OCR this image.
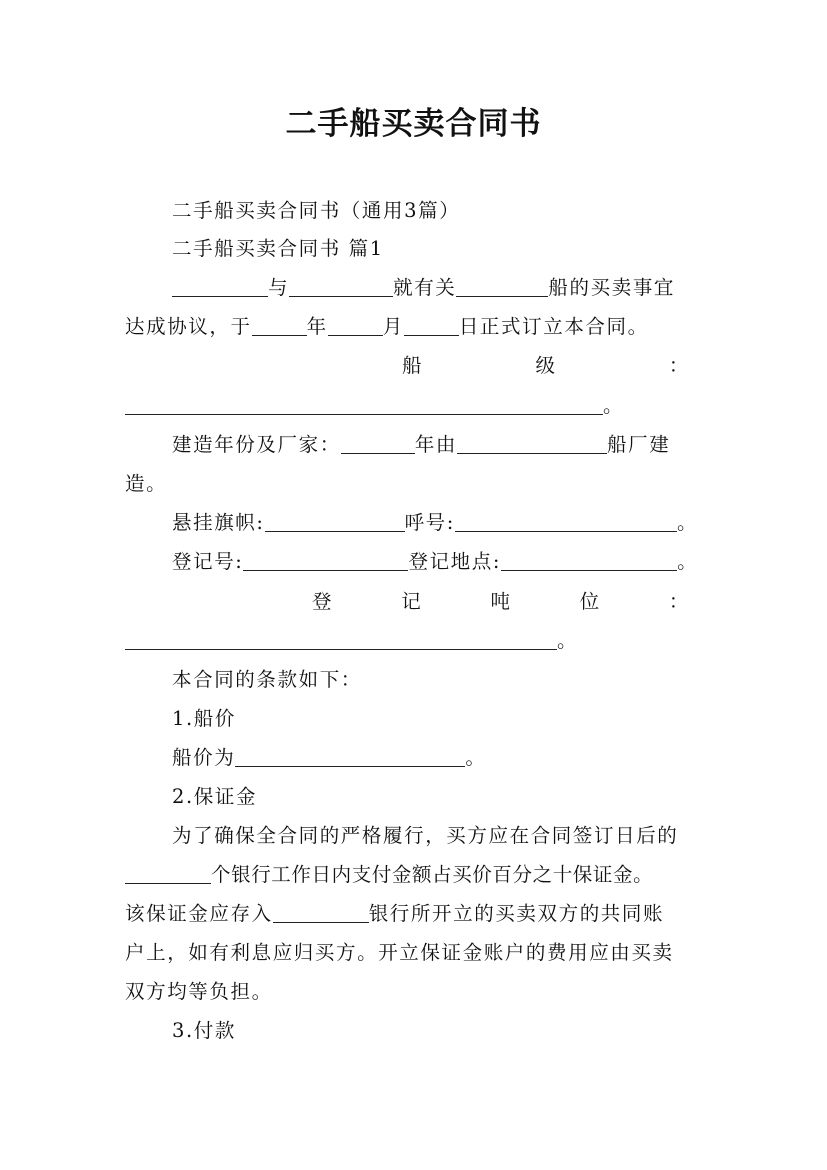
二手船买卖合同书
二手船买卖合同书（通用3篇）
二手船买卖合同书 篇1
与	就有关	船的买卖事宜
达成协议，于	年	月	日正式订立本合同。
船	级	：
。
建造年份及厂家：	年由	船厂建
造。
悬挂旗帜:	呼号:	。
登记号:	登记地点:	。
登	记	吨	位	：
。
本合同的条款如下：
1.船价
船价为	。
2.保证金
为了确保全合同的严格履行，买方应在合同签订日后的
个银行工作日内支付金额占买价百分之十保证金。
该保证金应存入	银行所开立的买卖双方的共同账
户上，如有利息应归买方。开立保证金账户的费用应由买卖
双方均等负担。
3.付款
